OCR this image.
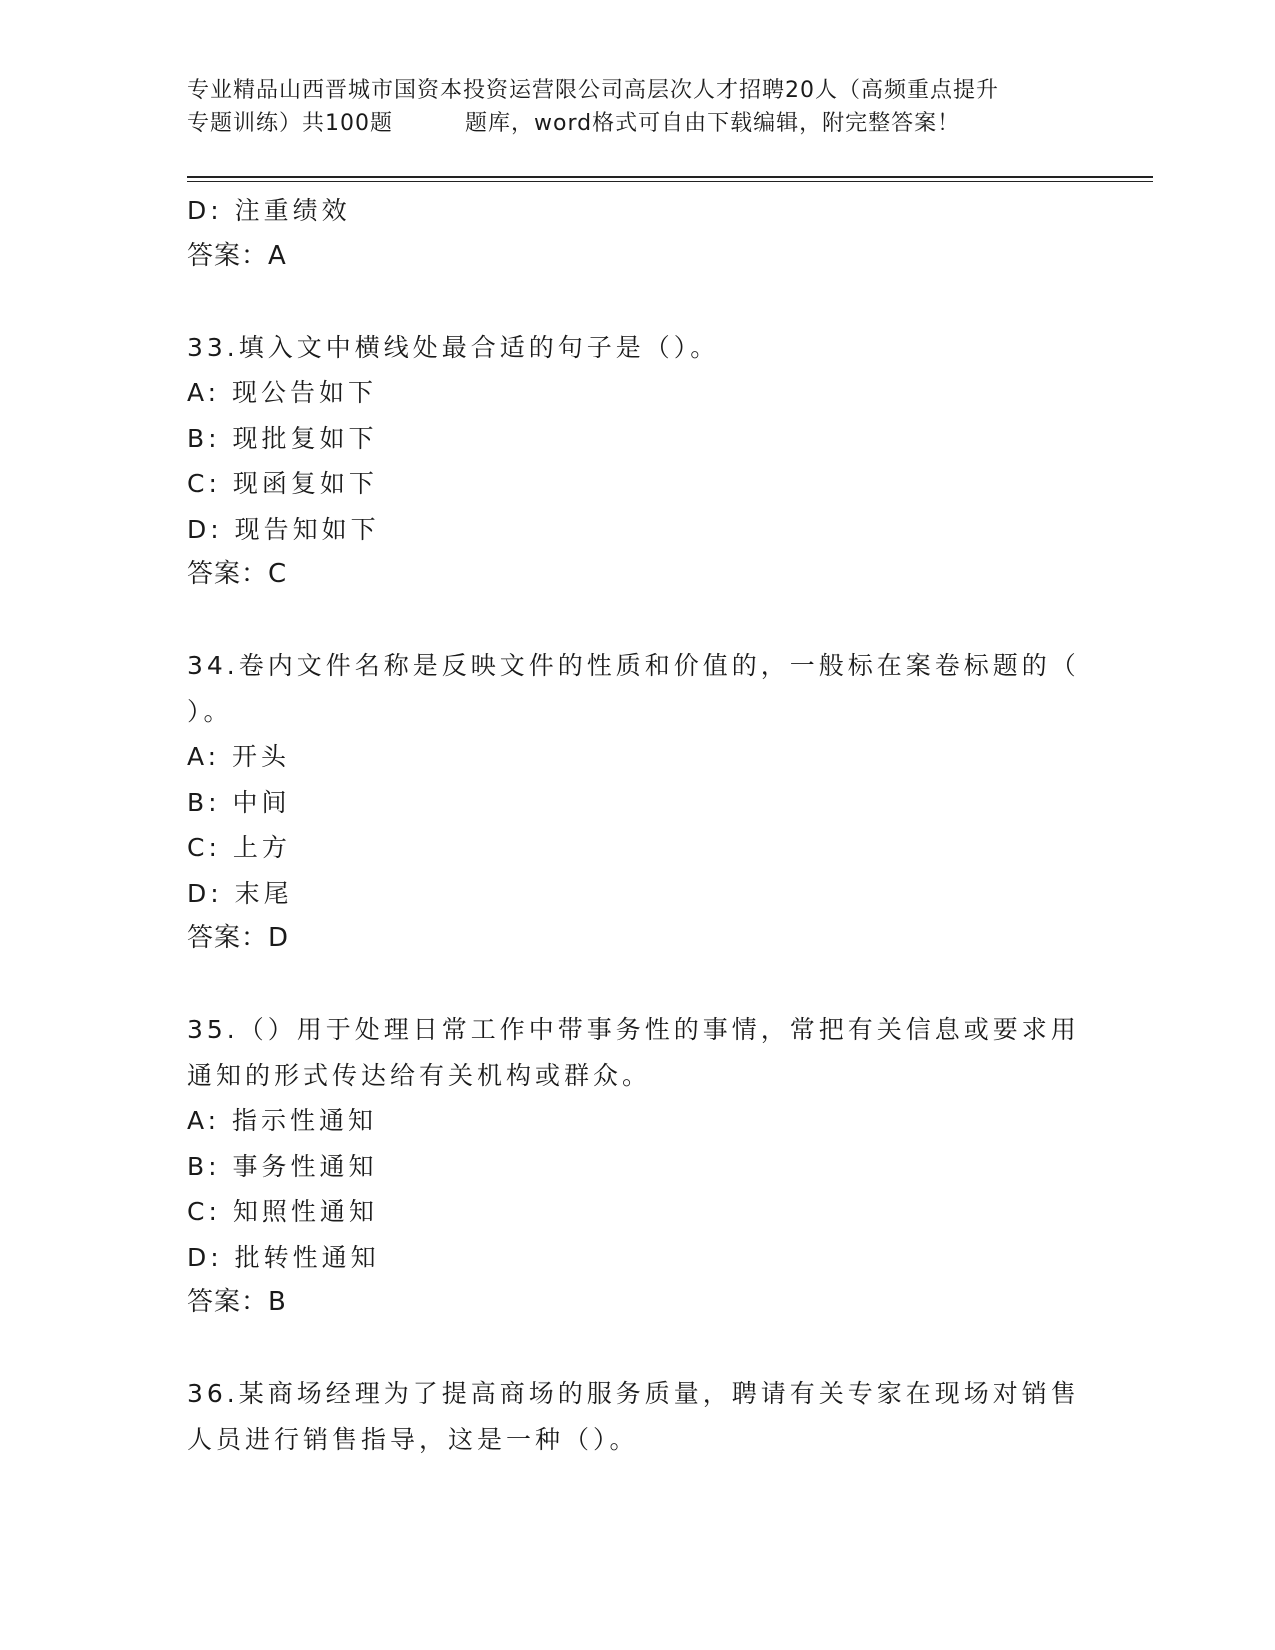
专业精品山西晋城市国资本投资运营限公司高层次人才招聘20人（高频重点提升
专题训练）共100题	题库，word格式可自由下载编辑，附完整答案！
D: 注重绩效
答案：A
33.填入文中横线处最合适的句子是（）。
A: 现公告如下
B: 现批复如下
C: 现函复如下
D: 现告知如下
答案：C
34.卷内文件名称是反映文件的性质和价值的，一般标在案卷标题的（
）。
A: 开头
B: 中间
C: 上方
D: 末尾
答案：D
35.（）用于处理日常工作中带事务性的事情，常把有关信息或要求用
通知的形式传达给有关机构或群众。
A: 指示性通知
B: 事务性通知
C: 知照性通知
D: 批转性通知
答案：B
36.某商场经理为了提高商场的服务质量，聘请有关专家在现场对销售
人员进行销售指导，这是一种（）。
